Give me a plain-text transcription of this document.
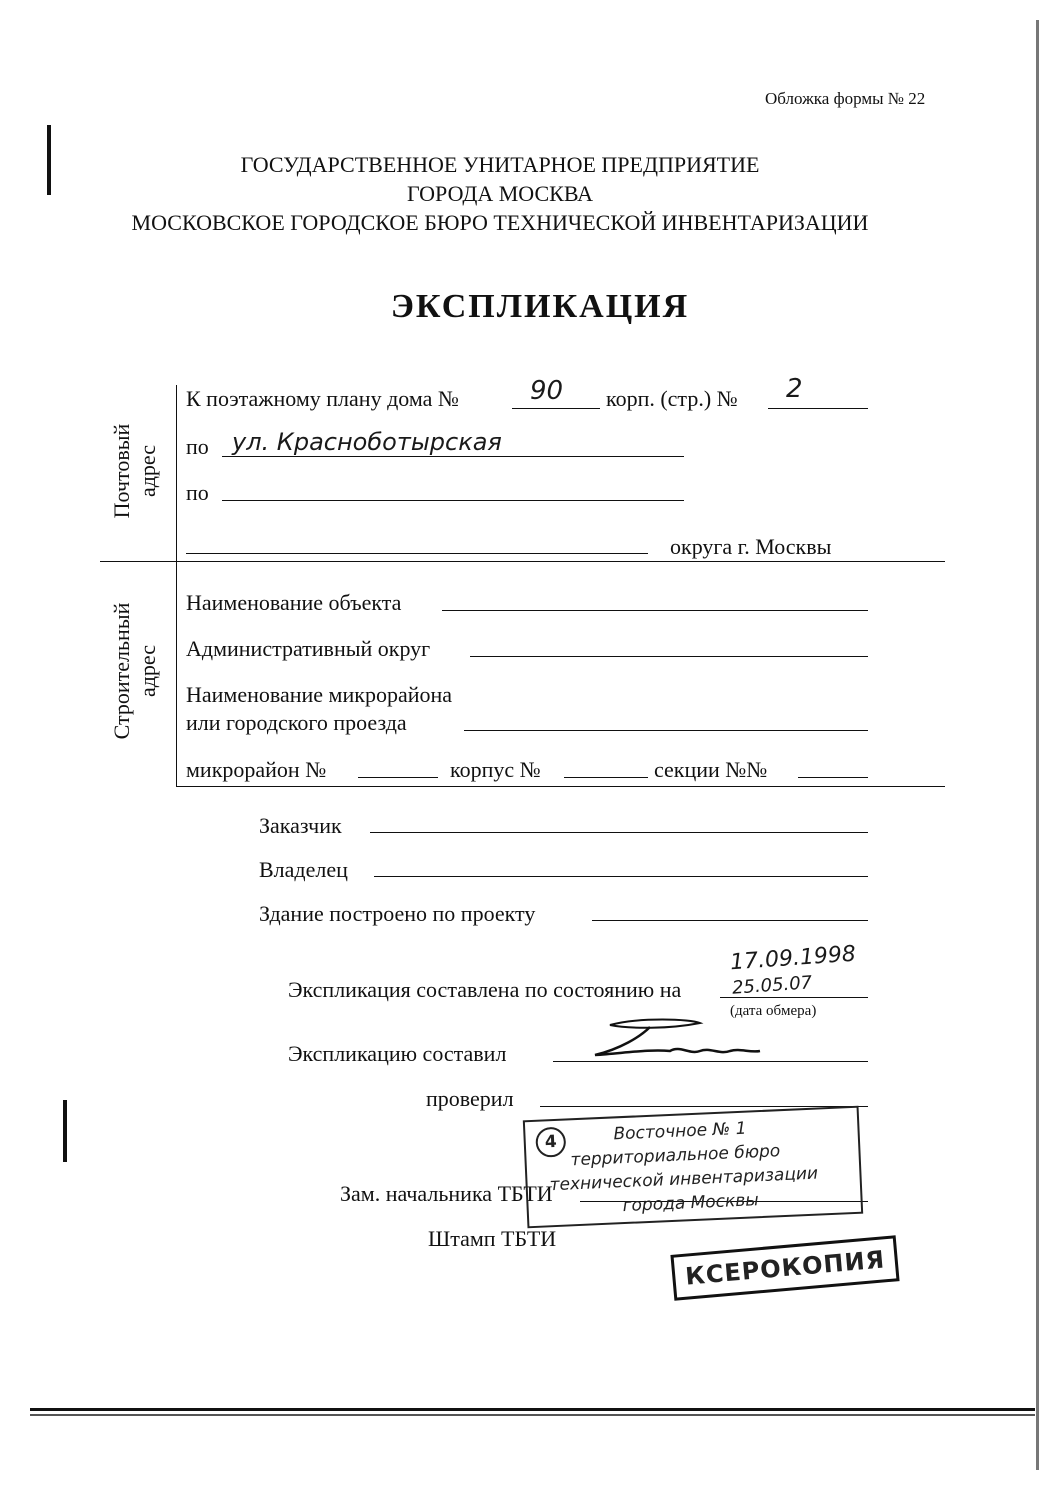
Обложка формы № 22
ГОСУДАРСТВЕННОЕ УНИТАРНОЕ ПРЕДПРИЯТИЕ
ГОРОДА МОСКВА
МОСКОВСКОЕ ГОРОДСКОЕ БЮРО ТЕХНИЧЕСКОЙ ИНВЕНТАРИЗАЦИИ
ЭКСПЛИКАЦИЯ
Почтовый адрес
Строительный адрес
К поэтажному плану дома №	90 корп. (стр.) № 2
по ул. Красноботырская
по
округа г. Москвы
Наименование объекта
Административный округ
Наименование микрорайона
или городского проезда
микрорайон №	корпус №	секции №№
Заказчик
Владелец
Здание построено по проекту
17.09.1998
Экспликация составлена по состоянию на	25.05.07
(дата обмера)
Экспликацию составил
проверил
Зам. начальника ТБТИ
Штамп ТБТИ
4	Восточное № 1
территориальное бюро
технической инвентаризации
города Москвы
КСЕРОКОПИЯ
